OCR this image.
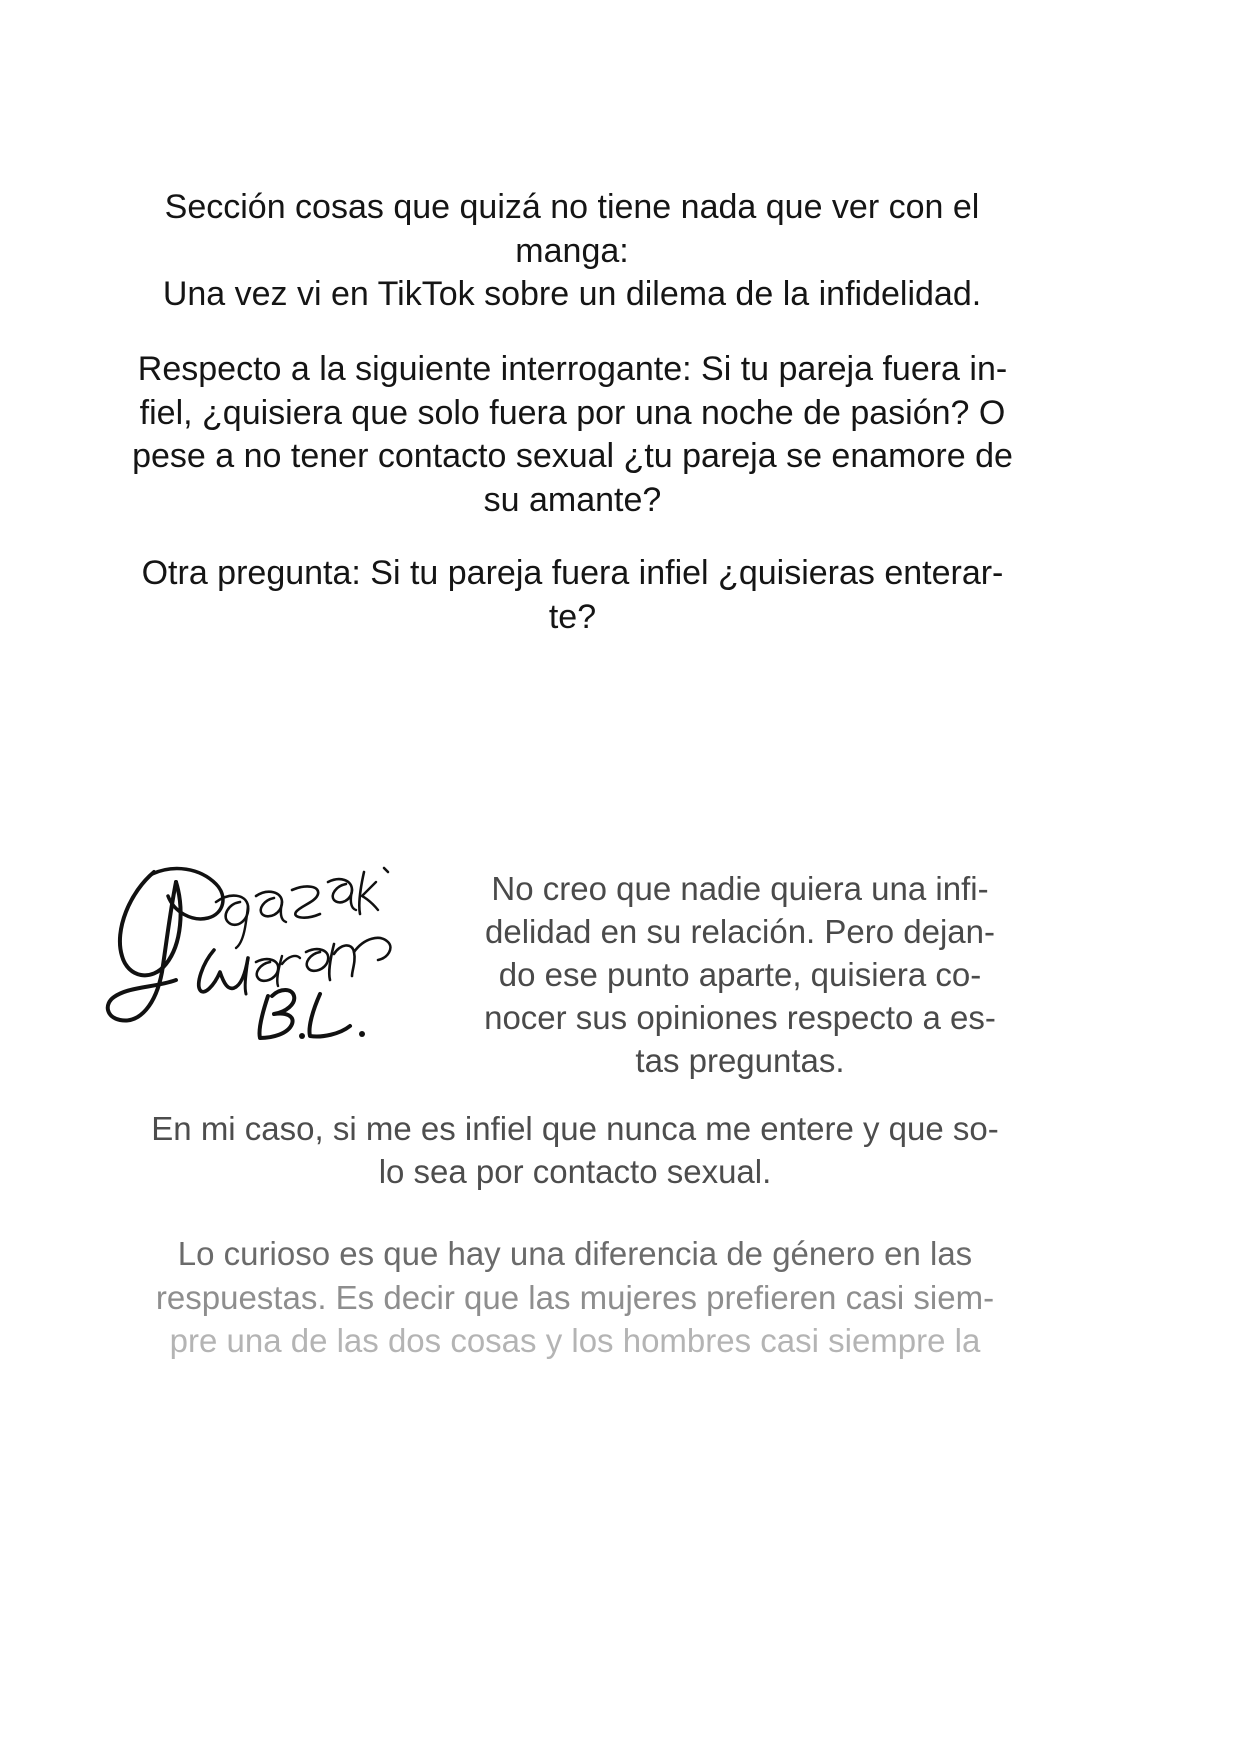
Sección cosas que quizá no tiene nada que ver con el

manga:

Una vez vi en TikTok sobre un dilema de la infidelidad.

Respecto a la siguiente interrogante: Si tu pareja fuera in-

fiel, ¿quisiera que solo fuera por una noche de pasión? O

pese a no tener contacto sexual ¿tu pareja se enamore de

su amante?

Otra pregunta: Si tu pareja fuera infiel ¿quisieras enterar-

te?

No creo que nadie quiera una infi-

delidad en su relación. Pero dejan-

do ese punto aparte, quisiera co-

nocer sus opiniones respecto a es-

tas preguntas.

En mi caso, si me es infiel que nunca me entere y que so-

lo sea por contacto sexual.

Lo curioso es que hay una diferencia de género en las

respuestas. Es decir que las mujeres prefieren casi siem-

pre una de las dos cosas y los hombres casi siempre la
